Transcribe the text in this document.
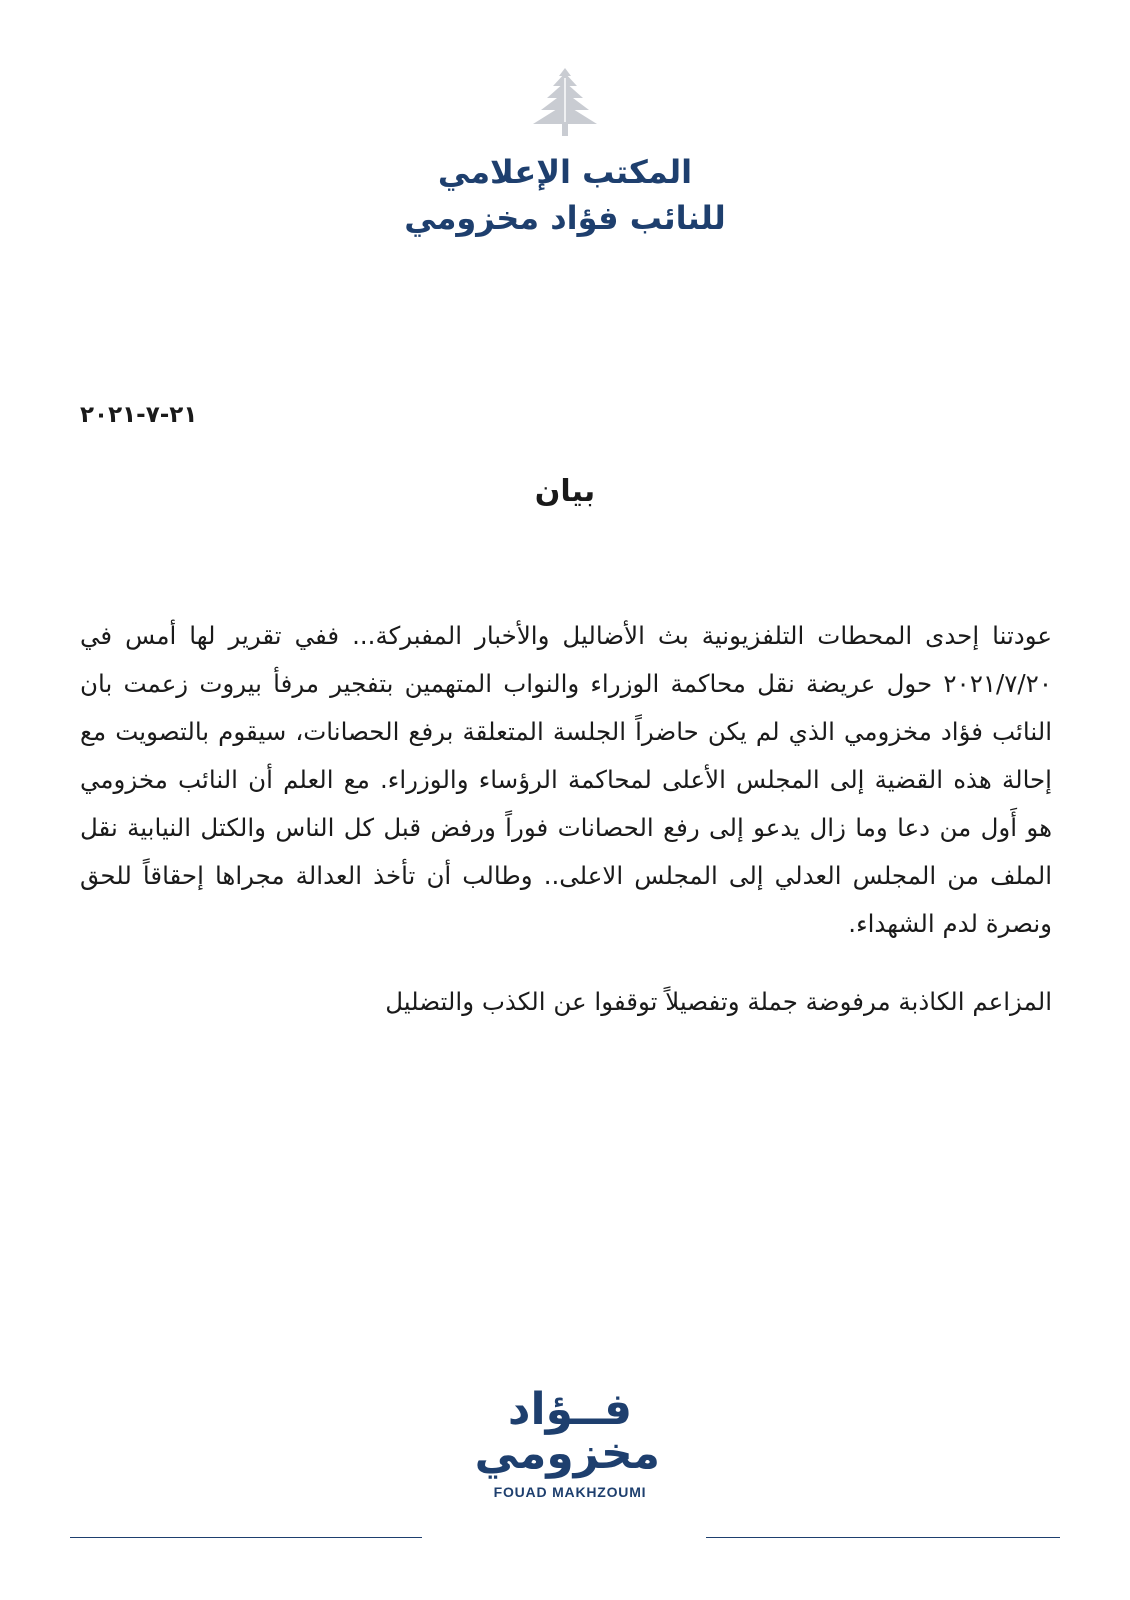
المكتب الإعلامي
للنائب فؤاد مخزومي
٢١-٧-٢٠٢١
بيان
عودتنا إحدى المحطات التلفزيونية بث الأضاليل والأخبار المفبركة... ففي تقرير لها أمس في ٢٠٢١/٧/٢٠ حول عريضة نقل محاكمة الوزراء والنواب المتهمين بتفجير مرفأ بيروت زعمت بان النائب فؤاد مخزومي الذي لم يكن حاضراً الجلسة المتعلقة برفع الحصانات، سيقوم بالتصويت مع إحالة هذه القضية إلى المجلس الأعلى لمحاكمة الرؤساء والوزراء. مع العلم أن النائب مخزومي هو أَول من دعا وما زال يدعو إلى رفع الحصانات فوراً ورفض قبل كل الناس والكتل النيابية نقل الملف من المجلس العدلي إلى المجلس الاعلى.. وطالب أن تأخذ العدالة مجراها إحقاقاً للحق ونصرة لدم الشهداء.
المزاعم الكاذبة مرفوضة جملة وتفصيلاً توقفوا عن الكذب والتضليل
فــؤاد
مخزومي
FOUAD MAKHZOUMI
